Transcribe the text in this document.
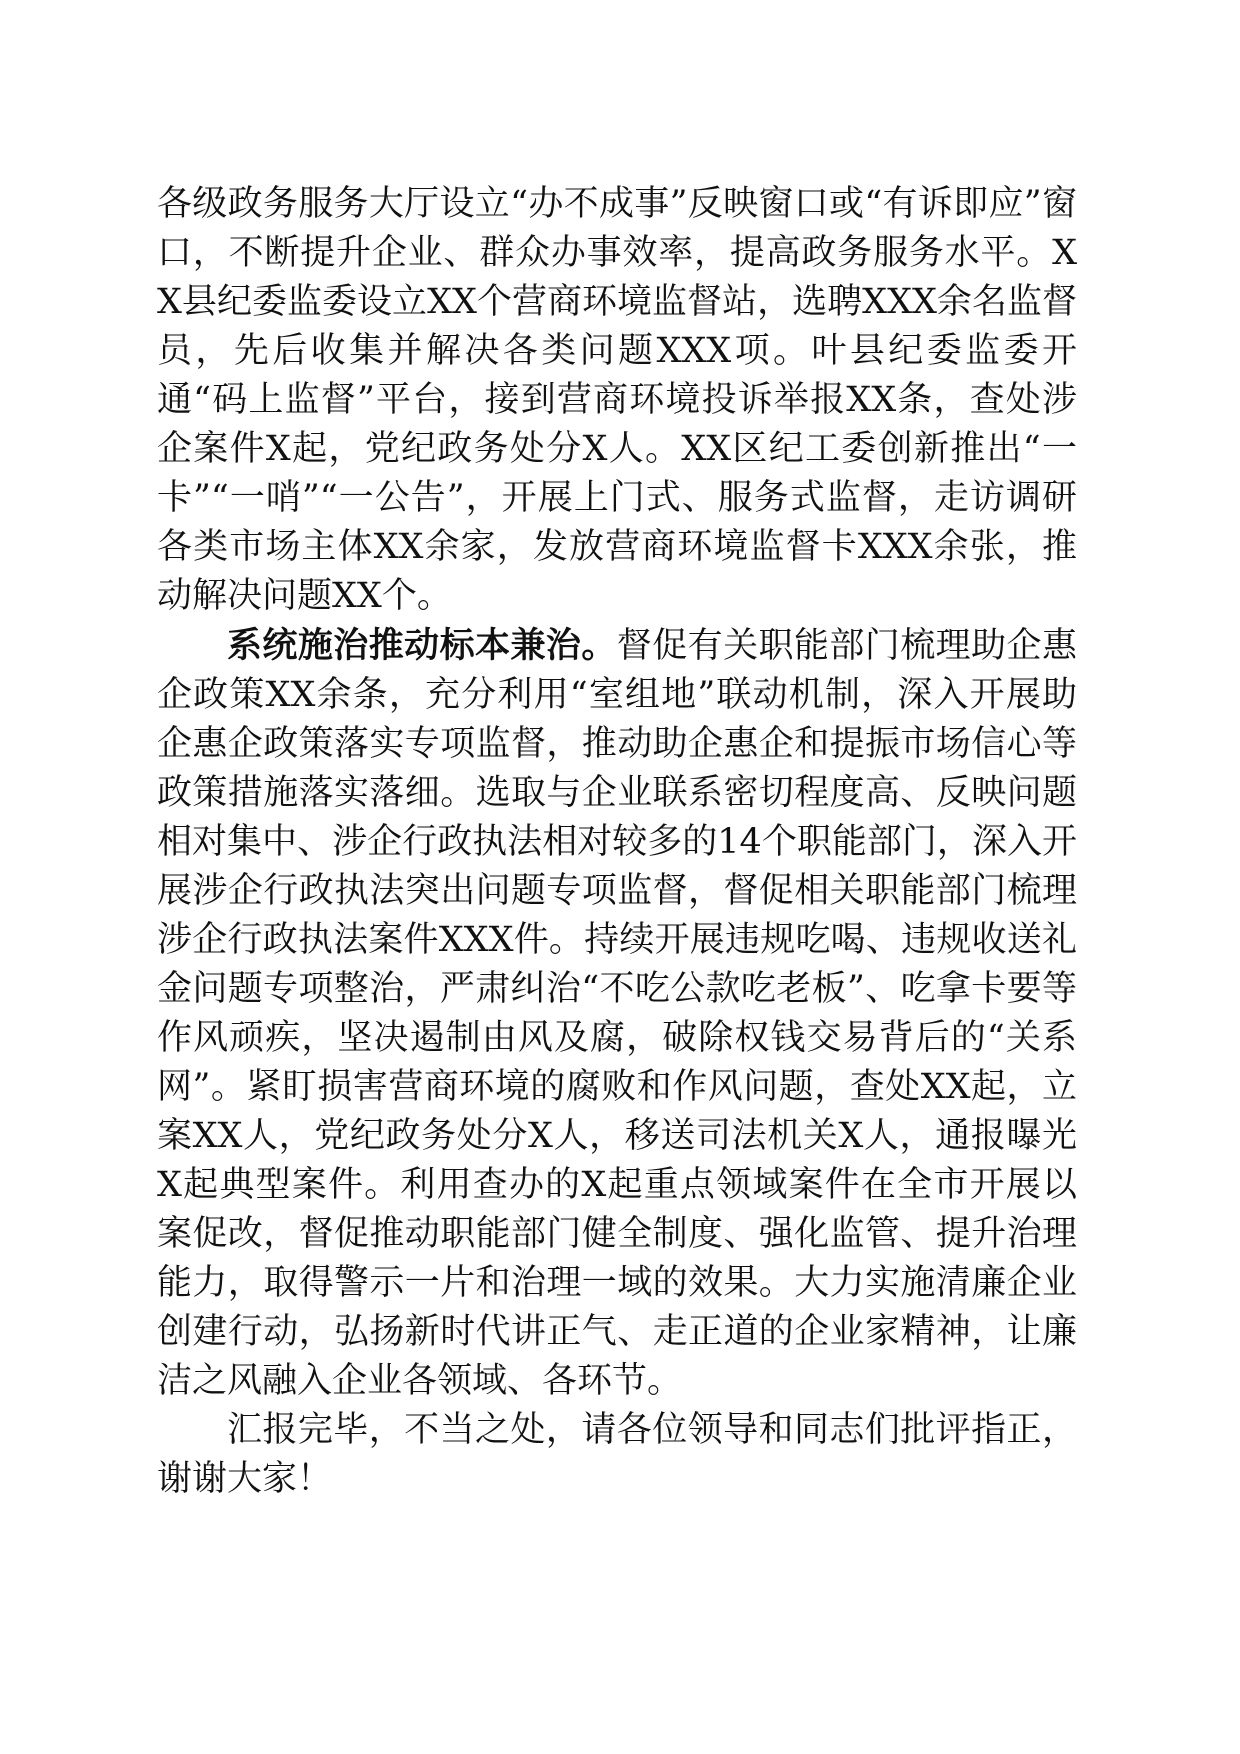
各级政务服务大厅设立“办不成事”反映窗口或“有诉即应”窗口，不断提升企业、群众办事效率，提高政务服务水平。XX县纪委监委设立XX个营商环境监督站，选聘XXX余名监督员，先后收集并解决各类问题XXX项。叶县纪委监委开通“码上监督”平台，接到营商环境投诉举报XX条，查处涉企案件X起，党纪政务处分X人。XX区纪工委创新推出“一卡”“一哨”“一公告”，开展上门式、服务式监督，走访调研各类市场主体XX余家，发放营商环境监督卡XXX余张，推动解决问题XX个。

系统施治推动标本兼治。督促有关职能部门梳理助企惠企政策XX余条，充分利用“室组地”联动机制，深入开展助企惠企政策落实专项监督，推动助企惠企和提振市场信心等政策措施落实落细。选取与企业联系密切程度高、反映问题相对集中、涉企行政执法相对较多的14个职能部门，深入开展涉企行政执法突出问题专项监督，督促相关职能部门梳理涉企行政执法案件XXX件。持续开展违规吃喝、违规收送礼金问题专项整治，严肃纠治“不吃公款吃老板”、吃拿卡要等作风顽疾，坚决遏制由风及腐，破除权钱交易背后的“关系网”。紧盯损害营商环境的腐败和作风问题，查处XX起，立案XX人，党纪政务处分X人，移送司法机关X人，通报曝光X起典型案件。利用查办的X起重点领域案件在全市开展以案促改，督促推动职能部门健全制度、强化监管、提升治理能力，取得警示一片和治理一域的效果。大力实施清廉企业创建行动，弘扬新时代讲正气、走正道的企业家精神，让廉洁之风融入企业各领域、各环节。

汇报完毕，不当之处，请各位领导和同志们批评指正，谢谢大家！
